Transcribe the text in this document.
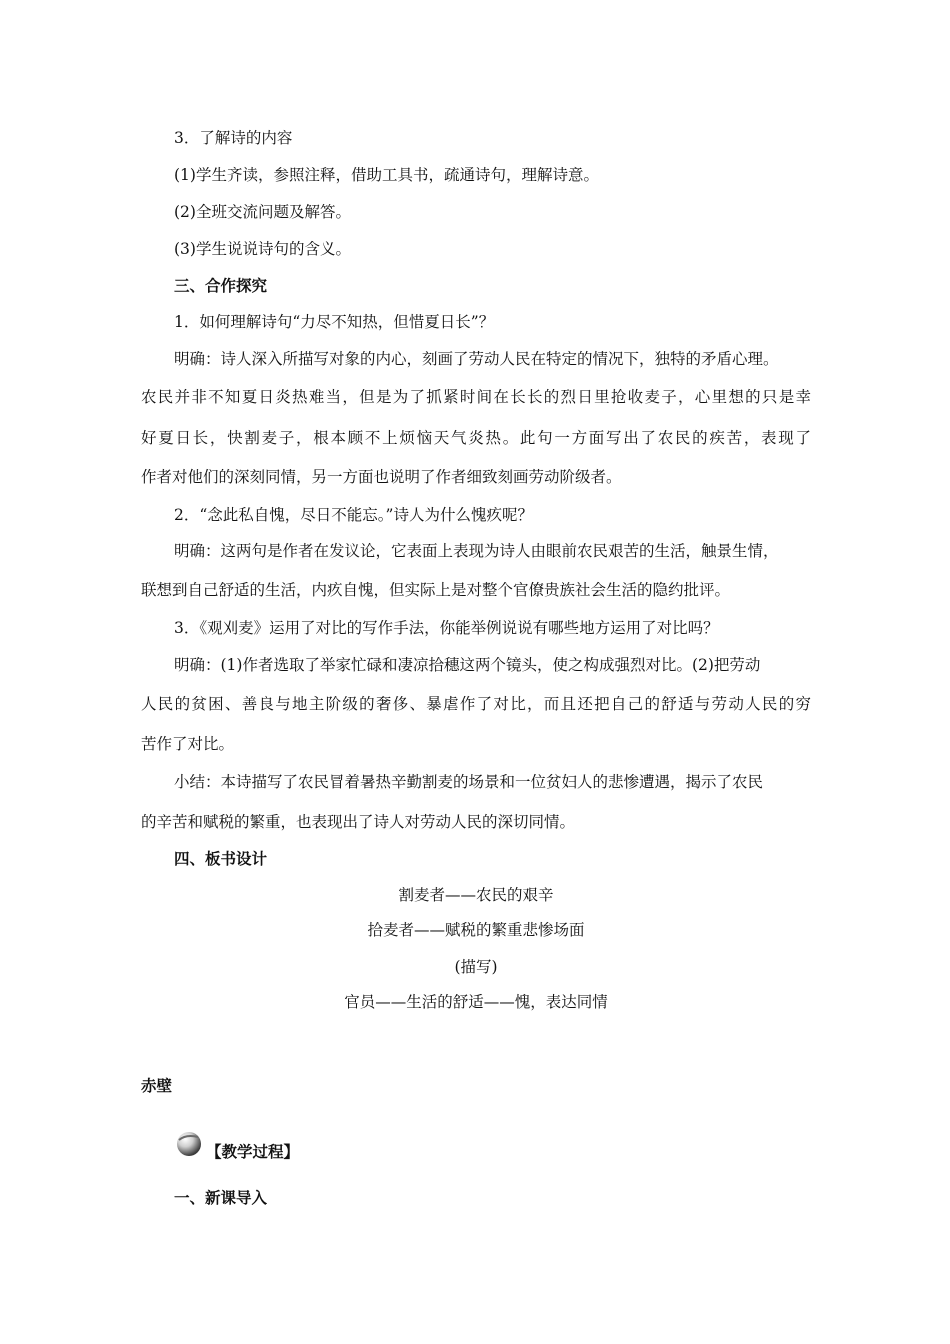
3．了解诗的内容
(1)学生齐读，参照注释，借助工具书，疏通诗句，理解诗意。
(2)全班交流问题及解答。
(3)学生说说诗句的含义。
三、合作探究
1．如何理解诗句“力尽不知热，但惜夏日长”？
明确：诗人深入所描写对象的内心，刻画了劳动人民在特定的情况下，独特的矛盾心理。
农民并非不知夏日炎热难当，但是为了抓紧时间在长长的烈日里抢收麦子，心里想的只是幸
好夏日长，快割麦子，根本顾不上烦恼天气炎热。此句一方面写出了农民的疾苦，表现了
作者对他们的深刻同情，另一方面也说明了作者细致刻画劳动阶级者。
2．“念此私自愧，尽日不能忘。”诗人为什么愧疚呢？
明确：这两句是作者在发议论，它表面上表现为诗人由眼前农民艰苦的生活，触景生情，
联想到自己舒适的生活，内疚自愧，但实际上是对整个官僚贵族社会生活的隐约批评。
3．《观刈麦》运用了对比的写作手法，你能举例说说有哪些地方运用了对比吗？
明确：(1)作者选取了举家忙碌和凄凉拾穗这两个镜头，使之构成强烈对比。(2)把劳动
人民的贫困、善良与地主阶级的奢侈、暴虐作了对比，而且还把自己的舒适与劳动人民的穷
苦作了对比。
小结：本诗描写了农民冒着暑热辛勤割麦的场景和一位贫妇人的悲惨遭遇，揭示了农民
的辛苦和赋税的繁重，也表现出了诗人对劳动人民的深切同情。
四、板书设计
割麦者——农民的艰辛
拾麦者——赋税的繁重悲惨场面
(描写)
官员——生活的舒适——愧，表达同情
赤壁
【教学过程】
一、新课导入
